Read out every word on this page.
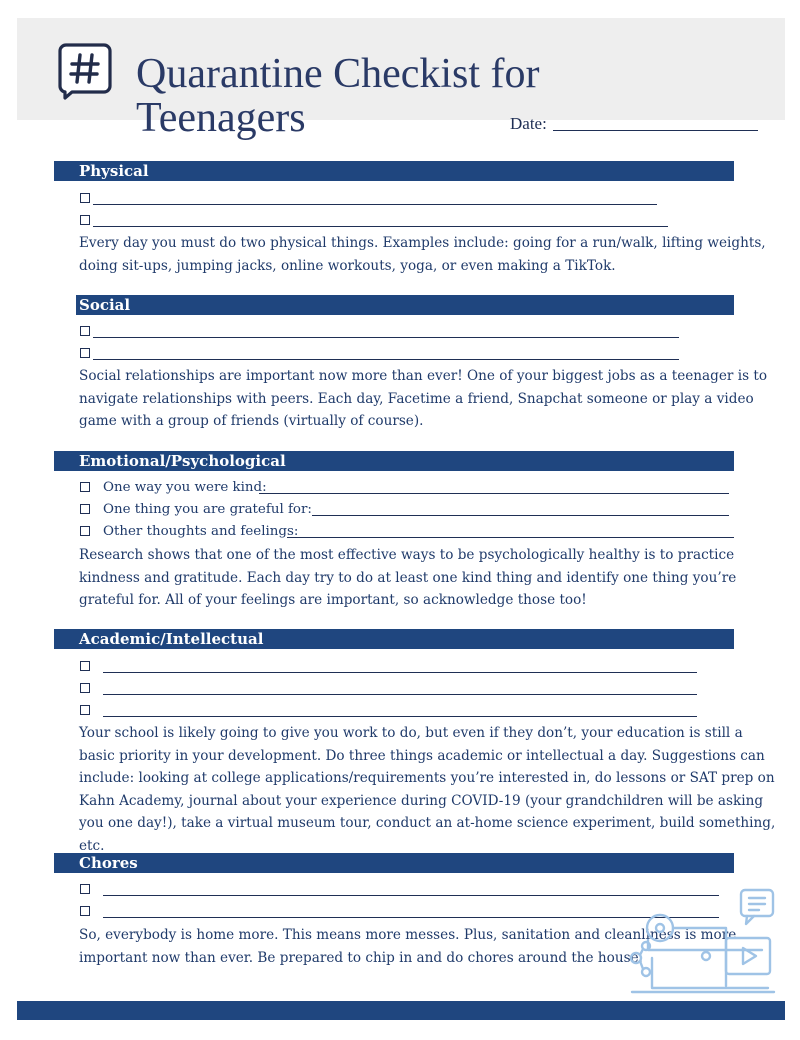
Quarantine Checkist for Teenagers	Date:
Physical

Every day you must do two physical things. Examples include: going for a run/walk, lifting weights, doing sit-ups, jumping jacks, online workouts, yoga, or even making a TikTok.

Social

Social relationships are important now more than ever! One of your biggest jobs as a teenager is to navigate relationships with peers. Each day, Facetime a friend, Snapchat someone or play a video game with a group of friends (virtually of course).

Emotional/Psychological
One way you were kind:
One thing you are grateful for:
Other thoughts and feelings:

Research shows that one of the most effective ways to be psychologically healthy is to practice kindness and gratitude. Each day try to do at least one kind thing and identify one thing you’re grateful for. All of your feelings are important, so acknowledge those too!

Academic/Intellectual

Your school is likely going to give you work to do, but even if they don’t, your education is still a basic priority in your development. Do three things academic or intellectual a day. Suggestions can include: looking at college applications/requirements you’re interested in, do lessons or SAT prep on Kahn Academy, journal about your experience during COVID-19 (your grandchildren will be asking you one day!), take a virtual museum tour, conduct an at-home science experiment, build something, etc.

Chores

So, everybody is home more. This means more messes. Plus, sanitation and cleanliness is more important now than ever. Be prepared to chip in and do chores around the house.
